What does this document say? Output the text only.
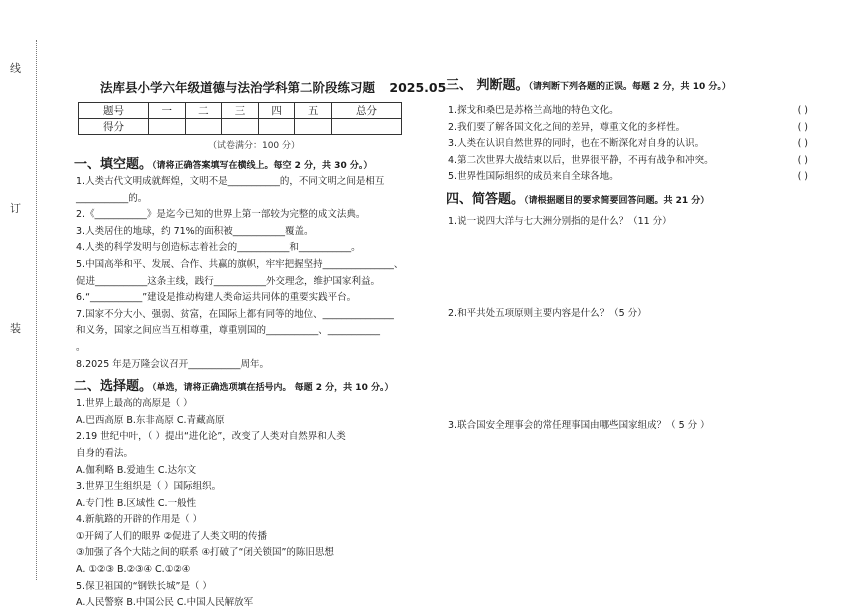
线
订
装
法库县小学六年级道德与法治学科第二阶段练习题 2025.05
题号	一	二	三	四	五	总分
得分						
（试卷满分：100 分）
一、填空题。（请将正确答案填写在横线上。每空 2 分，共 30 分。）
1.人类古代文明成就辉煌，文明不是___________的，不同文明之间是相互
___________的。
2.《___________》是迄今已知的世界上第一部较为完整的成文法典。
3.人类居住的地球，约 71%的面积被___________覆盖。
4.人类的科学发明与创造标志着社会的___________和___________。
5.中国高举和平、发展、合作、共赢的旗帜，牢牢把握坚持_______________、
促进___________这条主线，践行___________外交理念，维护国家利益。
6.“___________”建设是推动构建人类命运共同体的重要实践平台。
7.国家不分大小、强弱、贫富，在国际上都有同等的地位、_______________
和义务，国家之间应当互相尊重，尊重别国的___________、___________
。
8.2025 年是万隆会议召开___________周年。
二、选择题。（单选，请将正确选项填在括号内。 每题 2 分，共 10 分。）
1.世界上最高的高原是（ ）
A.巴西高原 B.东非高原 C.青藏高原
2.19 世纪中叶，（ ）提出“进化论”，改变了人类对自然界和人类
自身的看法。
A.伽利略 B.爱迪生 C.达尔文
3.世界卫生组织是（ ）国际组织。
A.专门性 B.区域性 C.一般性
4.新航路的开辟的作用是（ ）
①开阔了人们的眼界 ②促进了人类文明的传播
③加强了各个大陆之间的联系 ④打破了“闭关锁国”的陈旧思想
A. ①②③ B.②③④ C.①②④
5.保卫祖国的“钢铁长城”是（ ）
A.人民警察 B.中国公民 C.中国人民解放军
三、 判断题。（请判断下列各题的正误。每题 2 分，共 10 分。）
1.探戈和桑巴是苏格兰高地的特色文化。	( )
2.我们要了解各国文化之间的差异，尊重文化的多样性。	( )
3.人类在认识自然世界的同时，也在不断深化对自身的认识。	( )
4.第二次世界大战结束以后，世界很平静，不再有战争和冲突。	( )
5.世界性国际组织的成员来自全球各地。	( )
四、简答题。（请根据题目的要求简要回答问题。共 21 分）
1.说一说四大洋与七大洲分别指的是什么？（11 分）
2.和平共处五项原则主要内容是什么？（5 分）
3.联合国安全理事会的常任理事国由哪些国家组成？（ 5 分 ）
